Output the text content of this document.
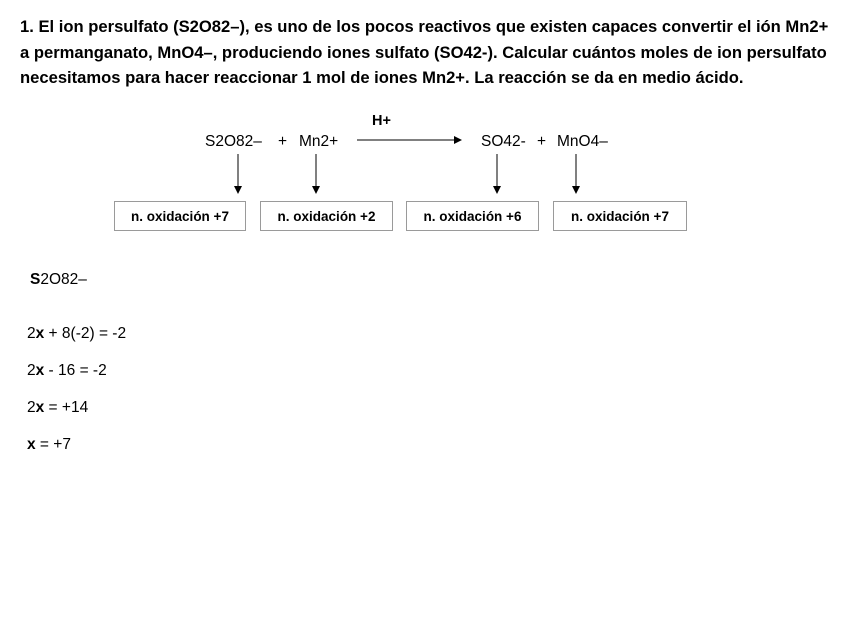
1. El ion persulfato (S2O82–), es uno de los pocos reactivos que existen capaces convertir el ión Mn2+ a permanganato, MnO4–, produciendo iones sulfato (SO42-). Calcular cuántos moles de ion persulfato necesitamos para hacer reaccionar 1 mol de iones Mn2+. La reacción se da en medio ácido.

S2O82– + Mn2+
H+
SO42- + MnO4–
n. oxidación +7	n. oxidación +2	n. oxidación +6	n. oxidación +7
S2O82–
2x + 8(-2) = -2
2x - 16 = -2
2x = +14
x = +7
